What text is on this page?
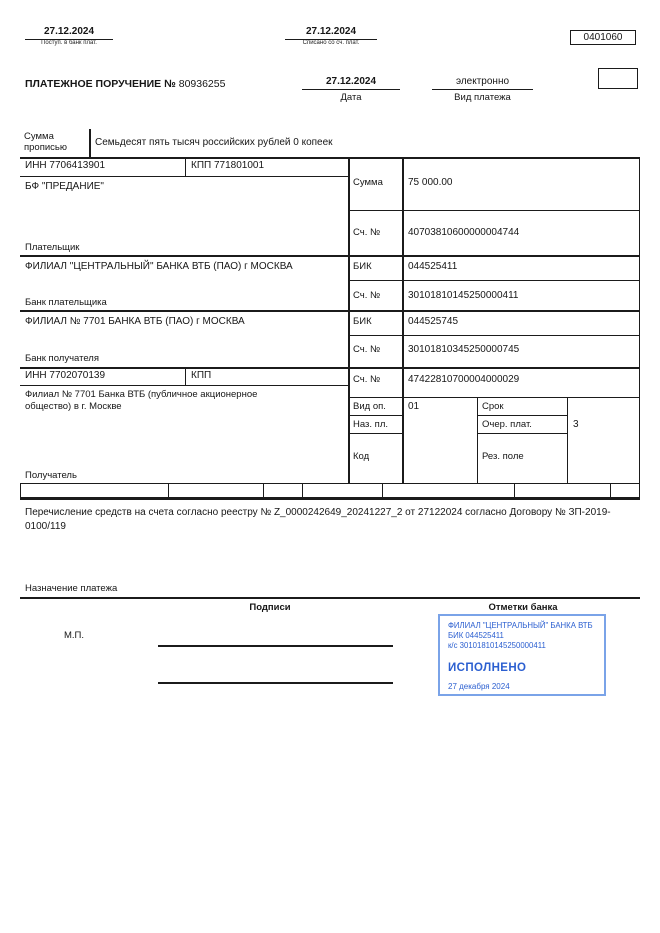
27.12.2024
Поступ. в банк плат.
27.12.2024
Списано со сч. плат.	0401060
ПЛАТЕЖНОЕ ПОРУЧЕНИЕ № 80936255	27.12.2024
Дата
электронно
Вид платежа
Сумма
прописью	Семьдесят пять тысяч российских рублей 0 копеек
ИНН 7706413901	КПП 771801001
БФ "ПРЕДАНИЕ"
Плательщик
Сумма	75 000.00
Сч. №	40703810600000004744
ФИЛИАЛ "ЦЕНТРАЛЬНЫЙ" БАНКА ВТБ (ПАО) г МОСКВА
Банк плательщика
БИК	044525411
Сч. №	30101810145250000411
ФИЛИАЛ № 7701 БАНКА ВТБ (ПАО) г МОСКВА
Банк получателя
БИК	044525745
Сч. №	30101810345250000745
ИНН 7702070139	КПП
Филиал № 7701 Банка ВТБ (публичное акционерное
общество) в г. Москве
Получатель
Сч. №	47422810700004000029
Вид оп. 01	Срок
Наз. пл.	Очер. плат.	3
Код	Рез. поле
Перечисление средств на счета согласно реестру № Z_0000242649_20241227_2 от 27122024 согласно Договору № ЗП-2019-0100/119
Назначение платежа
Подписи	Отметки банка
М.П.
ФИЛИАЛ "ЦЕНТРАЛЬНЫЙ" БАНКА ВТБ
БИК 044525411
к/с 30101810145250000411
ИСПОЛНЕНО
27 декабря 2024
